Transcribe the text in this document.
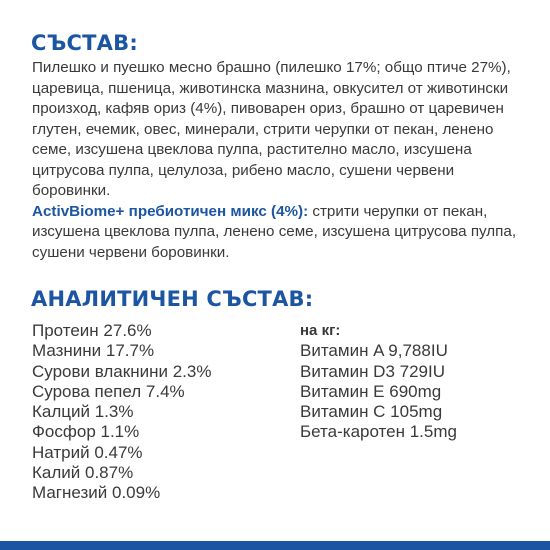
СЪСТАВ:

Пилешко и пуешко месно брашно (пилешко 17%; общо птиче 27%), царевица, пшеница, животинска мазнина, овкусител от животински произход, кафяв ориз (4%), пивоварен ориз, брашно от царевичен глутен, ечемик, овес, минерали, стрити черупки от пекан, ленено семе, изсушена цвеклова пулпа, растително масло, изсушена цитрусова пулпа, целулоза, рибено масло, сушени червени боровинки.

ActivBiome+ пребиотичен микс (4%): стрити черупки от пекан, изсушена цвеклова пулпа, ленено семе, изсушена цитрусова пулпа, сушени червени боровинки.

АНАЛИТИЧЕН СЪСТАВ:
Протеин 27.6%
Мазнини 17.7%
Сурови влакнини 2.3%
Сурова пепел 7.4%
Калций 1.3%
Фосфор 1.1%
Натрий 0.47%
Калий 0.87%
Магнезий 0.09%
на кг:
Витамин A 9,788IU
Витамин D3 729IU
Витамин E 690mg
Витамин C 105mg
Бета-каротен 1.5mg
